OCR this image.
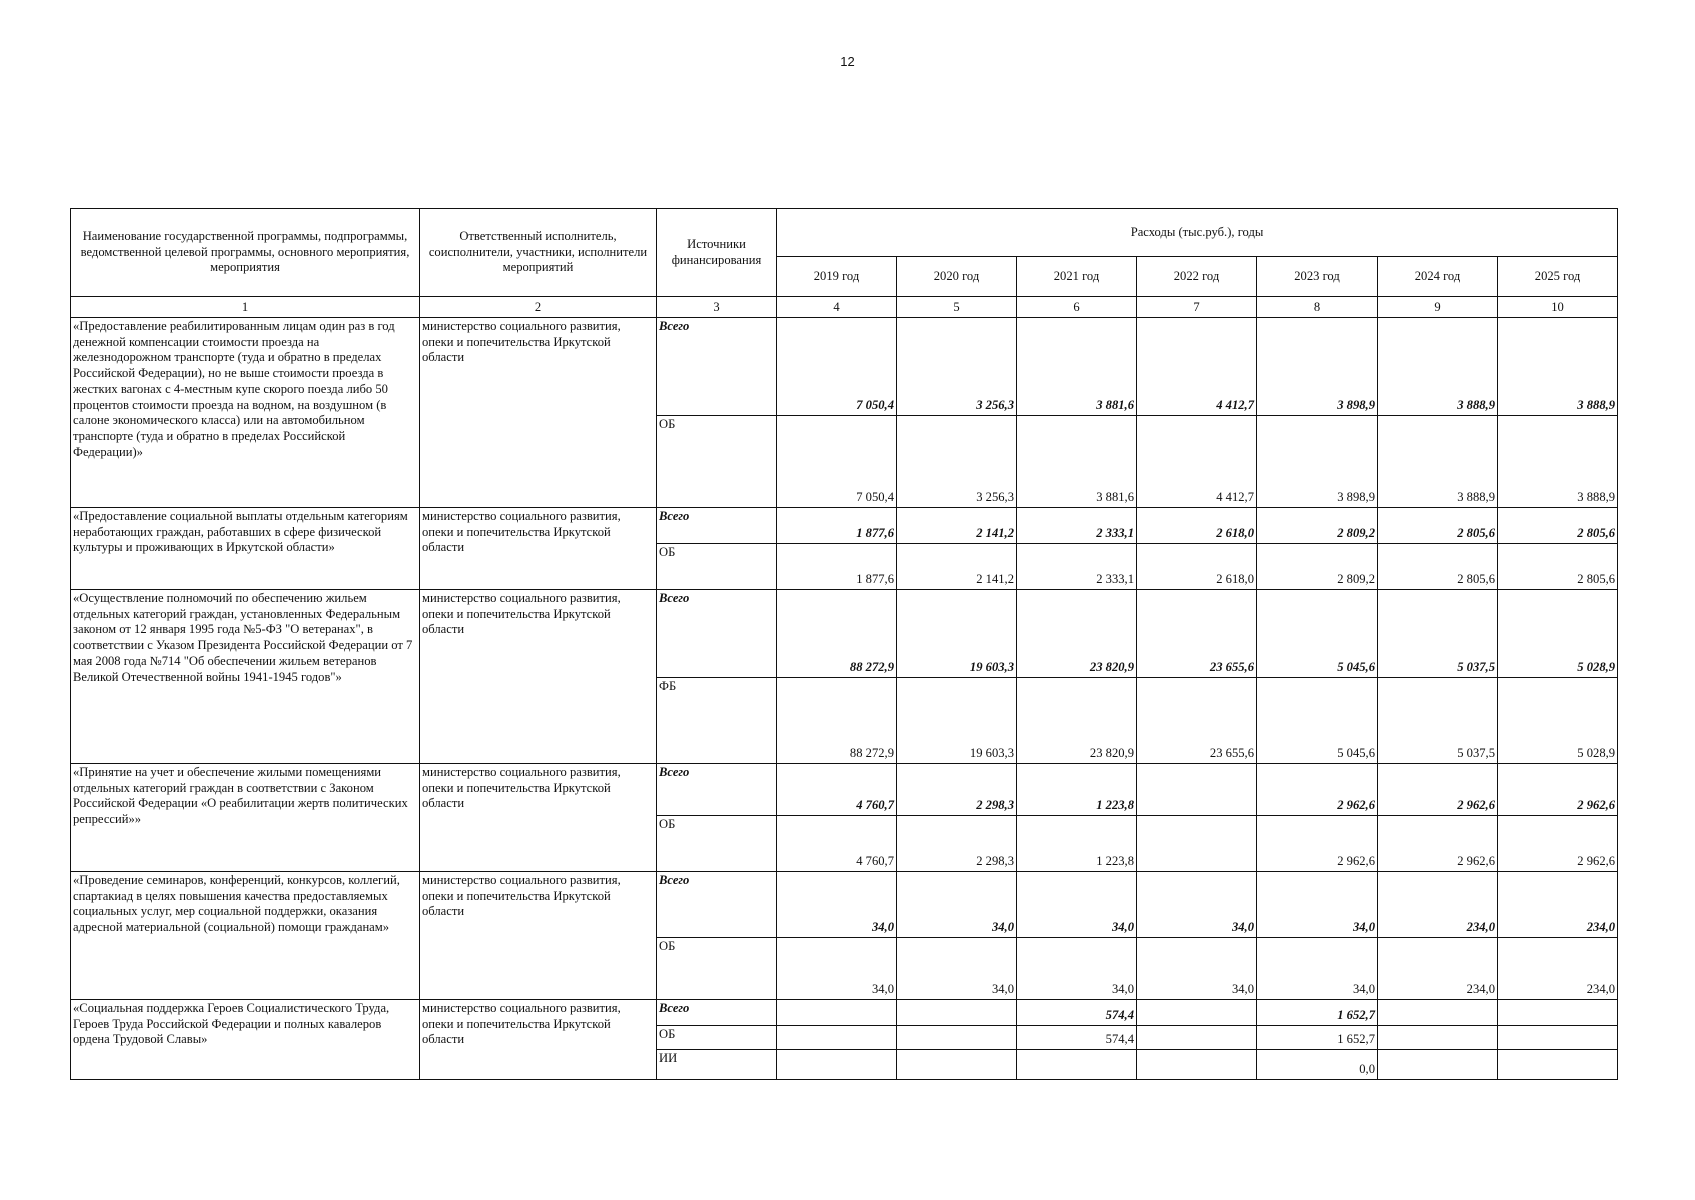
12
Наименование государственной программы, подпрограммы, ведомственной целевой программы, основного мероприятия, мероприятия	Ответственный исполнитель, соисполнители, участники, исполнители мероприятий	Источники финансирования	Расходы (тыс.руб.), годы						
			2019 год	2020 год	2021 год	2022 год	2023 год	2024 год	2025 год
1	2	3	4	5	6	7	8	9	10
«Предоставление реабилитированным лицам один раз в год денежной компенсации стоимости проезда на железнодорожном транспорте (туда и обратно в пределах Российской Федерации), но не выше стоимости проезда в жестких вагонах с 4-местным купе скорого поезда либо 50 процентов стоимости проезда на водном, на воздушном (в салоне экономического класса) или на автомобильном транспорте (туда и обратно в пределах Российской Федерации)»	министерство социального развития, опеки и попечительства Иркутской области	Всего	7 050,4	3 256,3	3 881,6	4 412,7	3 898,9	3 888,9	3 888,9
		ОБ	7 050,4	3 256,3	3 881,6	4 412,7	3 898,9	3 888,9	3 888,9
«Предоставление социальной выплаты отдельным категориям неработающих граждан, работавших в сфере физической культуры и проживающих в Иркутской области»	министерство социального развития, опеки и попечительства Иркутской области	Всего	1 877,6	2 141,2	2 333,1	2 618,0	2 809,2	2 805,6	2 805,6
		ОБ	1 877,6	2 141,2	2 333,1	2 618,0	2 809,2	2 805,6	2 805,6
«Осуществление полномочий по обеспечению жильем отдельных категорий граждан, установленных Федеральным законом от 12 января 1995 года №5-ФЗ "О ветеранах", в соответствии с Указом Президента Российской Федерации от 7 мая 2008 года №714 "Об обеспечении жильем ветеранов Великой Отечественной войны 1941-1945 годов"»	министерство социального развития, опеки и попечительства Иркутской области	Всего	88 272,9	19 603,3	23 820,9	23 655,6	5 045,6	5 037,5	5 028,9
		ФБ	88 272,9	19 603,3	23 820,9	23 655,6	5 045,6	5 037,5	5 028,9
«Принятие на учет и обеспечение жилыми помещениями отдельных категорий граждан в соответствии с Законом Российской Федерации «О реабилитации жертв политических репрессий»»	министерство социального развития, опеки и попечительства Иркутской области	Всего	4 760,7	2 298,3	1 223,8		2 962,6	2 962,6	2 962,6
		ОБ	4 760,7	2 298,3	1 223,8		2 962,6	2 962,6	2 962,6
«Проведение семинаров, конференций, конкурсов, коллегий, спартакиад в целях повышения качества предоставляемых социальных услуг, мер социальной поддержки, оказания адресной материальной (социальной) помощи гражданам»	министерство социального развития, опеки и попечительства Иркутской области	Всего	34,0	34,0	34,0	34,0	34,0	234,0	234,0
		ОБ	34,0	34,0	34,0	34,0	34,0	234,0	234,0
«Социальная поддержка Героев Социалистического Труда, Героев Труда Российской Федерации и полных кавалеров ордена Трудовой Славы»	министерство социального развития, опеки и попечительства Иркутской области	Всего			574,4		1 652,7		
		ОБ			574,4		1 652,7		
		ИИ					0,0		
